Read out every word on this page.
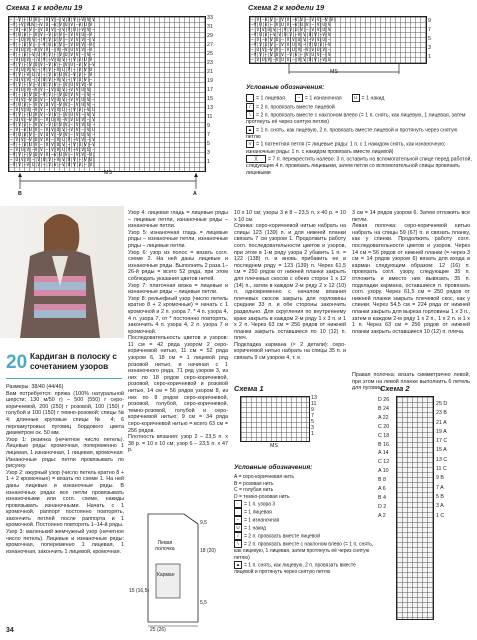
Схема 1 к модели 19
−|−V|−|U|V|−|V|V|−|V|U|V|−V|V|V
−V|−V|VUV|−V|U|−V|V|U|V|−V|U|V
−|V|−V|V|−|V|U|V|−|V|V|U|−V|V|−
−V|U|V|−|V|V|−V|U|V|−|V|V|U|−V
−|−|U|V|V|−|V|V|U|V|−|V|V|V|−|V
−V|−|V|V|−|−V|U|V|V|−|V|U|V|−V|
−|V|U|V|−V|V|V|−|V|−V|U|V|V|−V
−V|−|V|−V|U|V|V|−|V|U|V|V|−|V|−
−|V|U|V|−|V|V|−V|U|V|−|V|V|U|V
−V|V|−|V|U|V|−V|V|−|V|U|−V|V|−V
−|V|U|V|V|−|V|V|−V|U|V|−|V|V|U
−V|V|−V|U|V|−|V|V|U|V|−V|V|−|V
−|U|V|V|−|V|U|V|−V|V|−|V|U|V|−
−V|V|−|V|−V|U|V|V|−|V|U|V|V|−V
−|V|U|V|−V|V|−|V|U|V|−V|V|U|V|
−V|−|V|V|U|−V|V|−|V|U|V|V|−|V|−
−|V|V|−V|U|V|−|V|U|V|−V|V|U|V|−
−V|U|V|−|V|V|U|V|−V|V|−|V|U|V|−
−|V|V|U|−V|V|−|V|V|U|−|V|V|−V|U
−V|V|−|U|V|V|−V|V|−|V|U|V|−|V|V
−|U|V|−V|V|−|V|U|V|−V|V|U|V|−|V
−V|V|U|−|V|V|−V|U|V|V|−|V|V|U|−
−|V|−V|U|V|−|V|V|U|V|−V|V|−|V|U
−V|U|V|V|−|V|U|V|−V|V|−|V|U|V|−
−|V|V|−V|U|V|V|−|V|U|V|−V|V|−|V
−V|−|V|U|V|−|V|V|U|V|−|V|U|V|−V
−|V|U|V|−V|V|−|V|V|U|V|−V|V|U|−
−V|V|−|V|U|V|V|−V|U|V|−|V|V|−V|
−|U|V|V|−|V|U|V|−V|V|U|V|−|V|U|
−V|V|−V|U|V|−|V|V|−V|U|V|V|−|V|
33
31
29
27
25
23
21
19
17
15
13
11
9
7
5
3
1
MS
В	А
Схема 2 к модели 19
−|V|−V|V|−|V|V|−V|V|−|V|V|−V|V|
−V|U|V|−|V|U|V|−V|U|V|−|V|U|V
−|V|V|U|V|−|V|V|U|V|−|V|V|U|V
−V|U|V|−V|V|U|V|−V|V|U|V|−V|V
−|V|−V|V|U|−|V|V|U|V|−V|V|U|−
−V|V|U|V|−|V|V|U|V|−|V|U|V|−V
−|U|V|−V|V|−|V|U|V|−V|V|U|V|−
−V|V|−|V|U|V|−V|V|−|V|U|V|−|V
−|V|U|V|−V|U|V|−|V|V|U|V|−V|U
9
7
5
3
1
MS
Условные обозначения:
= 1 лицевая	− = 1 изнаночная	U = 1 накид
/ = 2 п. провязать вместе лицевой
\ = 2 п. провязать вместе с наклоном влево (= 1 п. снять, как лицевую, 1 лицевая, затем протянуть её через снятую петлю)
▲ = 1 п. снять, как лицевую, 2 п. провязать вместе лицевой и протянуть через снятую петлю
V = 1 патентная петля (= лицевые ряды: 1 п. с 1 накидом снять, как изнаночную; изнаночные ряды: 1 п. с накидом провязать вместе лицевой)
╳ = 7 п. перекрестить налево: 3 п. оставить на вспомогательной спице перед работой, следующие 4 п. провязать лицевыми, затем петли со вспомогательной спицы провязать лицевыми
20 Кардиган в полоску с сочетанием узоров
Размеры: 38/40 (44/46)
Вам потребуется: пряжа (100% натуральной шерсти; 130 м/50 г) – 500 (550) г серо-коричневой, 200 (250) г розовой, 100 (150) г голубой и 100 (150) г темно-розовой; спицы № 4; длинные круговые спицы № 4; 6 перламутровых пуговиц бордового цвета диаметром ок. 50 мм.
Узор 1: резинка (нечетное число петель). Лицевые ряды: кромочная, попеременно 1 лицевая, 1 изнаночная, 1 лицевая, кромочная. Изнаночные ряды: петли провязывать по рисунку.
Узор 2: ажурный узор (число петель кратно 8 + 1 + 2 кромочные) = вязать по схеме 1. На ней даны лицевые и изнаночные ряды. В изнаночных рядах все петли провязывать изнаночными или согл. схеме, накиды провязывать изнаночными. Начать с 1 кромочной, раппорт постоянно повторять, закончить петлей после раппорта и 1 кромочной. Постоянно повторять 1–14-й ряды.
Узор 3: маленький жемчужный узор (нечетное число петель). Лицевые и изнаночные ряды: кромочная, попеременно 1 лицевая, 1 изнаночная, закончить 1 лицевой, кромочная.
Узор 4: лицевая гладь = лицевые ряды – лицевые петли, изнаночные ряды – изнаночные петли.
Узор 5: изнаночная гладь = лицевые ряды – изнаночные петли, изнаночные ряды – лицевые петли.
Узор 6: узор из полос = вязать согл. схеме 2. На ней даны лицевые и изнаночные ряды. Выполнить 2 раза 1–26-й ряды = всего 52 ряда, при этом соблюдать указания цветов нитей.
Узор 7: платочная вязка = лицевые и изнаночные ряды – лицевые петли.
Узор 8: рельефный узор (число петель кратно 8 + 2 кромочные) = начать с 1 кромочной и 2 п. узора 7. * 4 п. узора 4, 4 п. узора 7, от * постоянно повторять, закончить 4 п. узора 4, 2 п. узора 7 и кромочной.
Последовательность цветов и узоров: 11 см = 42 ряда узором 2 серо-коричневой нитью, 11 см = 52 ряда узором 6, 18 см = 1 лицевой ряд розовой нитью, и начиная с 1 изнаночного ряда, 71 ряд узором 3, из них по 18 рядов серо-коричневой, розовой, серо-коричневой и розовой нитью, 14 см = 56 рядов узором 8, из них по 8 рядов серо-коричневой, розовой, голубой, серо-коричневой, темно-розовой, голубой и серо-коричневой нитью; 9 см = 34 ряда серо-коричневой нитью = всего 63 см = 256 рядов.
Плотность вязания: узор 2 – 23,5 п. х 38 р. = 10 х 10 см; узор 6 – 23,5 п. х 47 р.
10 х 10 см; узоры 3 и 8 – 23,5 п. х 40 р. = 10 х 10 см.
Спинка: серо-коричневой нитью набрать на спицы 123 (139) п. и для нижней планки связать 7 см узором 1. Продолжить работу согл. последовательности цветов и узоров, при этом в 1-м ряду узора 2 убавить 1 п. = 122 (138) п. и вновь прибавить ее в последнем ряду = 123 (139) п. Через 61,5 см = 250 рядов от нижней планки закрыть для плечевых скосов с обеих сторон 1 х 12 (14) п., затем в каждом 2-м ряду 2 х 12 (10) п. одновременно с началом вязания плечевых скосов закрыть для горловины средние 33 п. и обе стороны закончить раздельно. Для скругления по внутреннему краю закрыть в каждом 2-м ряду 1 х 3 п. и 1 х 2 п. Через 63 см = 256 рядов от нижней планки закрыть оставшиеся по 10 (12) п. плеч.
Подкладка кармана (× 2 детали): серо-коричневой нитью набрать на спицы 35 п. и связать 9 см узором 4, т. е.
3 см = 14 рядов узором 6. Затем отложить все петли.
Левая полочка: серо-коричневой нитью набрать на спицы 59 (67) п. и связать планку, как у спинки. Продолжить работу согл. последовательности цветов и узоров. Через 14 см = 56 рядов от нижней планки (= через 3 см = 14 рядов узором 6) вязать для входа в карман следующим образом: 12 (16) п. провязать согл. узору, следующие 35 п. отложить и вместо них вывязать 35 п. подкладки кармана, оставшиеся п. провязать согл. узору. Через 61,5 см = 250 рядов от нижней планки закрыть плечевой скос, как у спинки. Через 54,5 см = 224 ряда от нижней планки закрыть для выреза горловины 1 х 3 п., затем в каждом 2-м ряду 1 х 2 п., 1 х 2 п. и 1 х 1 п. Через 63 см = 256 рядов от нижней планки закрыть оставшиеся 10 (12) п. плеча.
Левая полочка
Карман
25 (26)
15 (16,5)
9,5
18 (20)
5,5
Схема 1
13
11
9
7
5
3
1
MS
Схема 2
D 26
B 24
A 22
C 20
C 18
B 16
A 14
C 12
A 10
B 8
A 6
B 4
D 2
A 2
25 D
23 B
21 A
19 A
17 C
15 A
13 C
11 C
9 B
7 A
5 B
3 A
1 C
Условные обозначения:
A = серо-коричневая нить
B = розовая нить
C = голубая нить
D = темно-розовая нить
· = 1 п. узора 3
= 1 лицевая
− = 1 изнаночная
U = 1 накид
/ = 2 п. провязать вместе лицевой
\ = 2 п. провязать вместе с наклоном влево (= 1 п. снять, как лицевую, 1 лицевая, затем протянуть её через снятую петлю)
▲ = 1 п. снять, как лицевую, 2 п. провязать вместе лицевой и протянуть через снятую петлю
Правая полочка: вязать симметрично левой, при этом на левой планке выполнить 6 петель для пуговиц.
34
